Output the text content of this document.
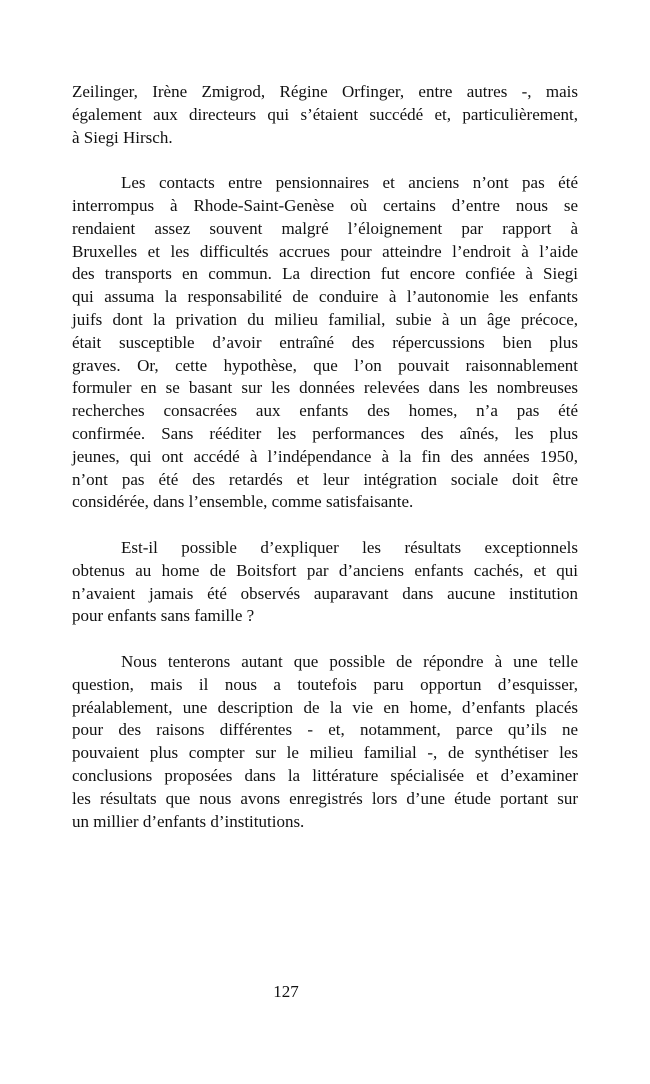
Zeilinger, Irène Zmigrod, Régine Orfinger, entre autres -, mais
également aux directeurs qui s’étaient succédé et, particulièrement,
à Siegi Hirsch.
Les contacts entre pensionnaires et anciens n’ont pas été
interrompus à Rhode-Saint-Genèse où certains d’entre nous se
rendaient assez souvent malgré l’éloignement par rapport à
Bruxelles et les difficultés accrues pour atteindre l’endroit à l’aide
des transports en commun. La direction fut encore confiée à Siegi
qui assuma la responsabilité de conduire à l’autonomie les enfants
juifs dont la privation du milieu familial, subie à un âge précoce,
était susceptible d’avoir entraîné des répercussions bien plus
graves. Or, cette hypothèse, que l’on pouvait raisonnablement
formuler en se basant sur les données relevées dans les nombreuses
recherches consacrées aux enfants des homes, n’a pas été
confirmée. Sans rééditer les performances des aînés, les plus
jeunes, qui ont accédé à l’indépendance à la fin des années 1950,
n’ont pas été des retardés et leur intégration sociale doit être
considérée, dans l’ensemble, comme satisfaisante.
Est-il possible d’expliquer les résultats exceptionnels
obtenus au home de Boitsfort par d’anciens enfants cachés, et qui
n’avaient jamais été observés auparavant dans aucune institution
pour enfants sans famille ?
Nous tenterons autant que possible de répondre à une telle
question, mais il nous a toutefois paru opportun d’esquisser,
préalablement, une description de la vie en home, d’enfants placés
pour des raisons différentes - et, notamment, parce qu’ils ne
pouvaient plus compter sur le milieu familial -, de synthétiser les
conclusions proposées dans la littérature spécialisée et d’examiner
les résultats que nous avons enregistrés lors d’une étude portant sur
un millier d’enfants d’institutions.
127
